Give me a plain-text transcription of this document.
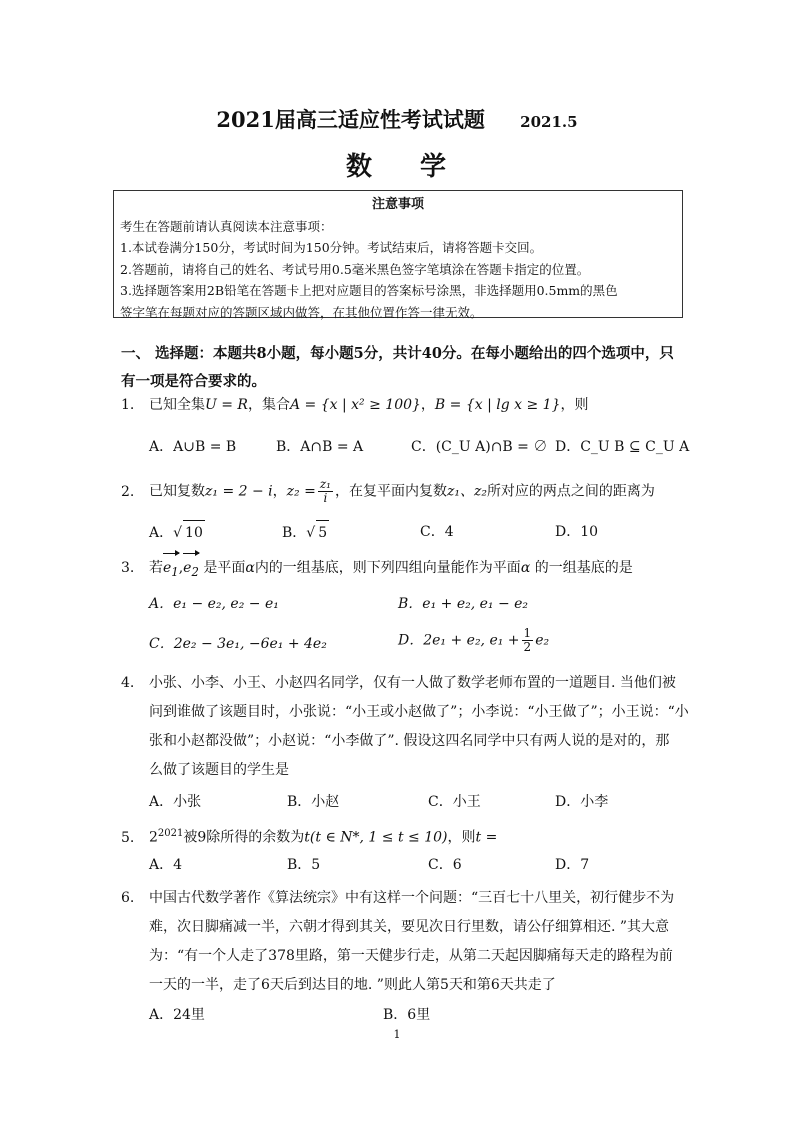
2021届高三适应性考试试题 2021.5
数 学
注意事项
考生在答题前请认真阅读本注意事项：
1.本试卷满分150分，考试时间为150分钟。考试结束后，请将答题卡交回。
2.答题前，请将自己的姓名、考试号用0.5毫米黑色签字笔填涂在答题卡指定的位置。
3.选择题答案用2B铅笔在答题卡上把对应题目的答案标号涂黑，非选择题用0.5mm的黑色
签字笔在每题对应的答题区域内做答，在其他位置作答一律无效。
一、 选择题：本题共8小题，每小题5分，共计40分。在每小题给出的四个选项中，只
有一项是符合要求的。
1. 已知全集U = R，集合A = {x | x² ≥ 100}，B = {x | lg x ≥ 1}，则
A．A∪B = B	B．A∩B = A	C．(C_U A)∩B = ∅ D．C_U B ⊆ C_U A
2. 已知复数z₁ = 2 − i，$z_2 = \frac{\text{z₁}}{i}$ ，在复平面内复数z₁、z₂所对应的两点之间的距离为
A．√ 10	B．√ 5	C．4	D．10
3. 若$e_1,e_2$ 是平面α内的一组基底，则下列四组向量能作为平面α 的一组基底的是
A．e₁ − e₂, e₂ − e₁	B．e₁ + e₂, e₁ − e₂
C．2e₂ − 3e₁, −6e₁ + 4e₂	D．2e₁ + e₂, $e_1 + \frac{1}{2} e_2$
4. 小张、小李、小王、小赵四名同学，仅有一人做了数学老师布置的一道题目. 当他们被
问到谁做了该题目时，小张说：“小王或小赵做了”；小李说：“小王做了”；小王说：“小
张和小赵都没做”；小赵说：“小李做了”. 假设这四名同学中只有两人说的是对的，那
么做了该题目的学生是
A．小张	B．小赵	C．小王	D．小李
5. $2^{2021}$被9除所得的余数为t(t ∈ N*, 1 ≤ t ≤ 10)，则t =
A．4	B．5	C．6	D．7
6. 中国古代数学著作《算法统宗》中有这样一个问题：“三百七十八里关，初行健步不为
难，次日脚痛减一半，六朝才得到其关，要见次日行里数，请公仔细算相还. ”其大意
为：“有一个人走了378里路，第一天健步行走，从第二天起因脚痛每天走的路程为前
一天的一半，走了6天后到达目的地. ”则此人第5天和第6天共走了
A．24里	B．6里
1
